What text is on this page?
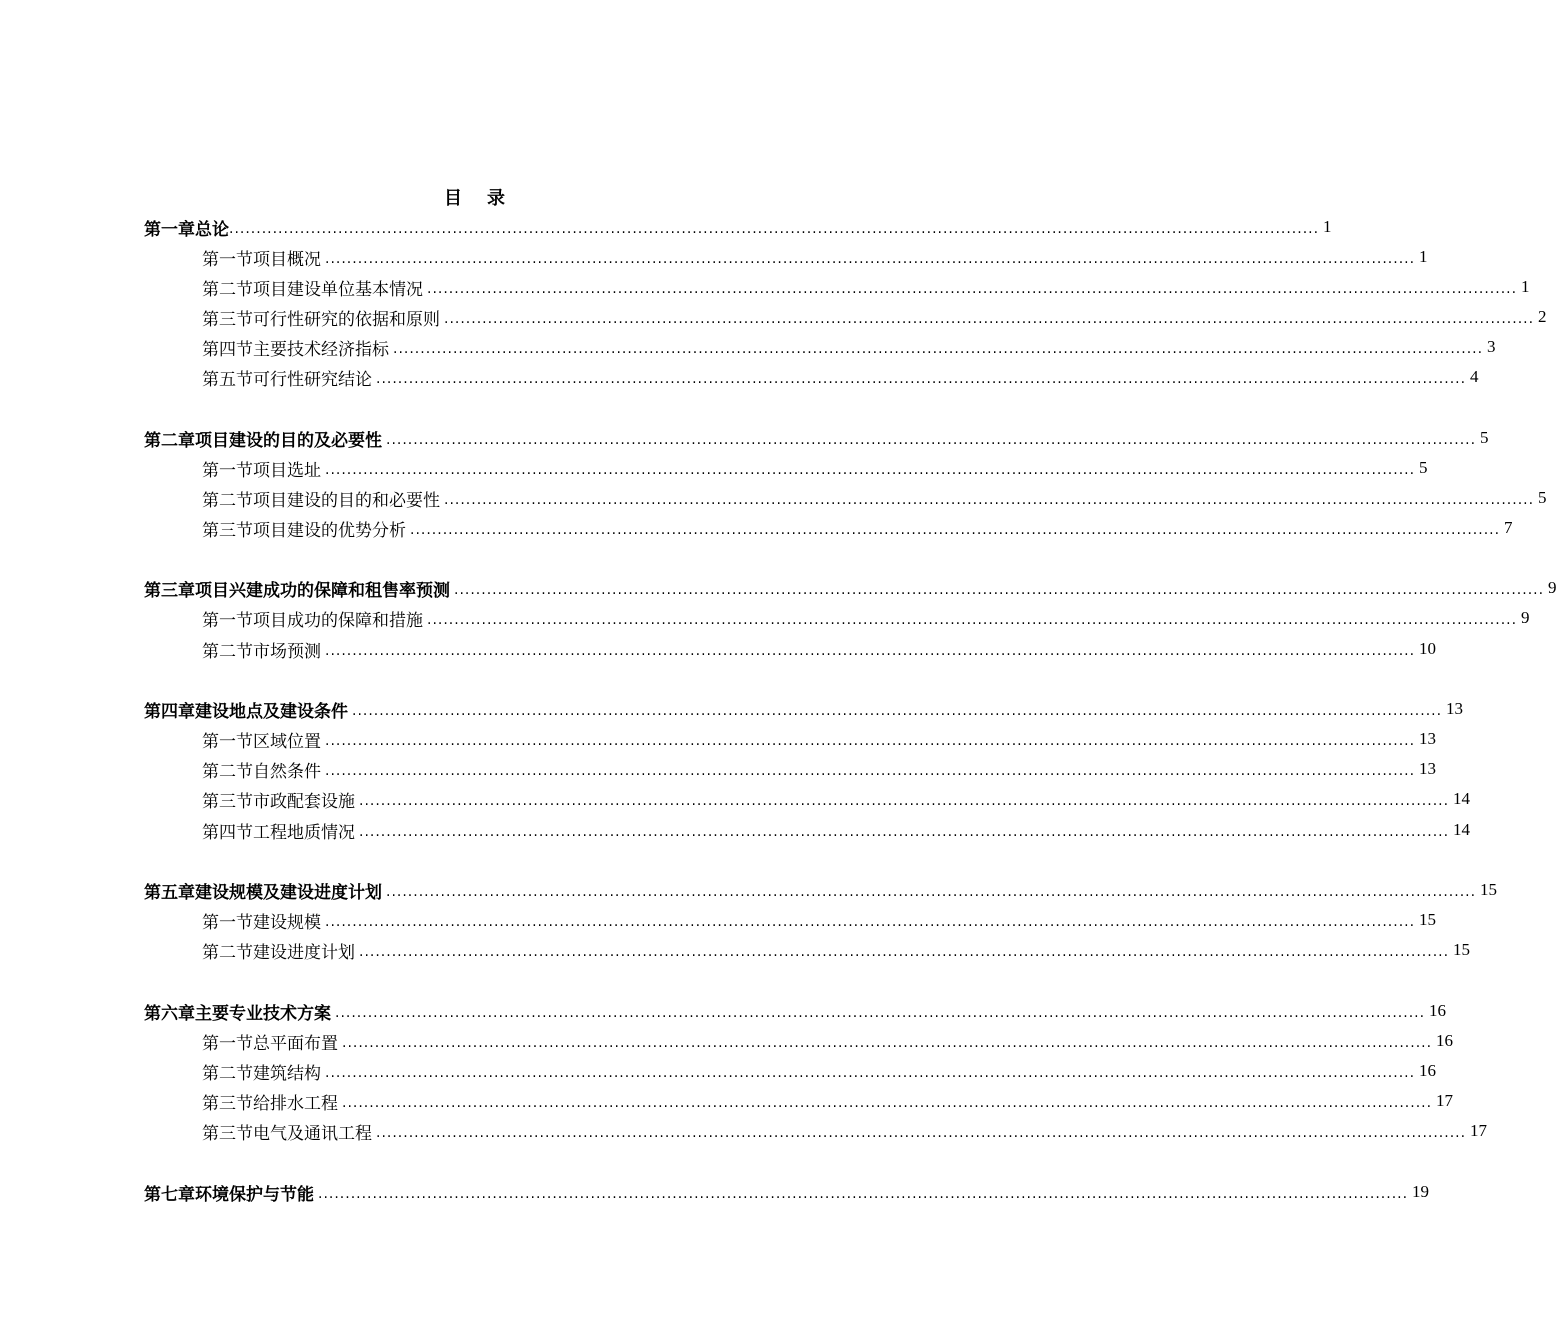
目 录
第一章 总论 ........................................................................................................................................................................................................ 1
第一节 项目概况 ........................................................................................................................................................................................................ 1
第二节 项目建设单位基本情况 ........................................................................................................................................................................................................ 1
第三节 可行性研究的依据和原则 ........................................................................................................................................................................................................ 2
第四节 主要技术经济指标 ........................................................................................................................................................................................................ 3
第五节 可行性研究结论 ........................................................................................................................................................................................................ 4
第二章 项目建设的目的及必要性 ........................................................................................................................................................................................................ 5
第一节 项目选址 ........................................................................................................................................................................................................ 5
第二节 项目建设的目的和必要性 ........................................................................................................................................................................................................ 5
第三节 项目建设的优势分析 ........................................................................................................................................................................................................ 7
第三章 项目兴建成功的保障和租售率预测 ........................................................................................................................................................................................................ 9
第一节 项目成功的保障和措施 ........................................................................................................................................................................................................ 9
第二节 市场预测 ........................................................................................................................................................................................................ 10
第四章 建设地点及建设条件 ........................................................................................................................................................................................................ 13
第一节 区域位置 ........................................................................................................................................................................................................ 13
第二节 自然条件 ........................................................................................................................................................................................................ 13
第三节 市政配套设施 ........................................................................................................................................................................................................ 14
第四节 工程地质情况 ........................................................................................................................................................................................................ 14
第五章 建设规模及建设进度计划 ........................................................................................................................................................................................................ 15
第一节 建设规模 ........................................................................................................................................................................................................ 15
第二节 建设进度计划 ........................................................................................................................................................................................................ 15
第六章 主要专业技术方案 ........................................................................................................................................................................................................ 16
第一节 总平面布置 ........................................................................................................................................................................................................ 16
第二节 建筑结构 ........................................................................................................................................................................................................ 16
第三节 给排水工程 ........................................................................................................................................................................................................ 17
第三节 电气及通讯工程 ........................................................................................................................................................................................................ 17
第七章 环境保护与节能 ........................................................................................................................................................................................................ 19
